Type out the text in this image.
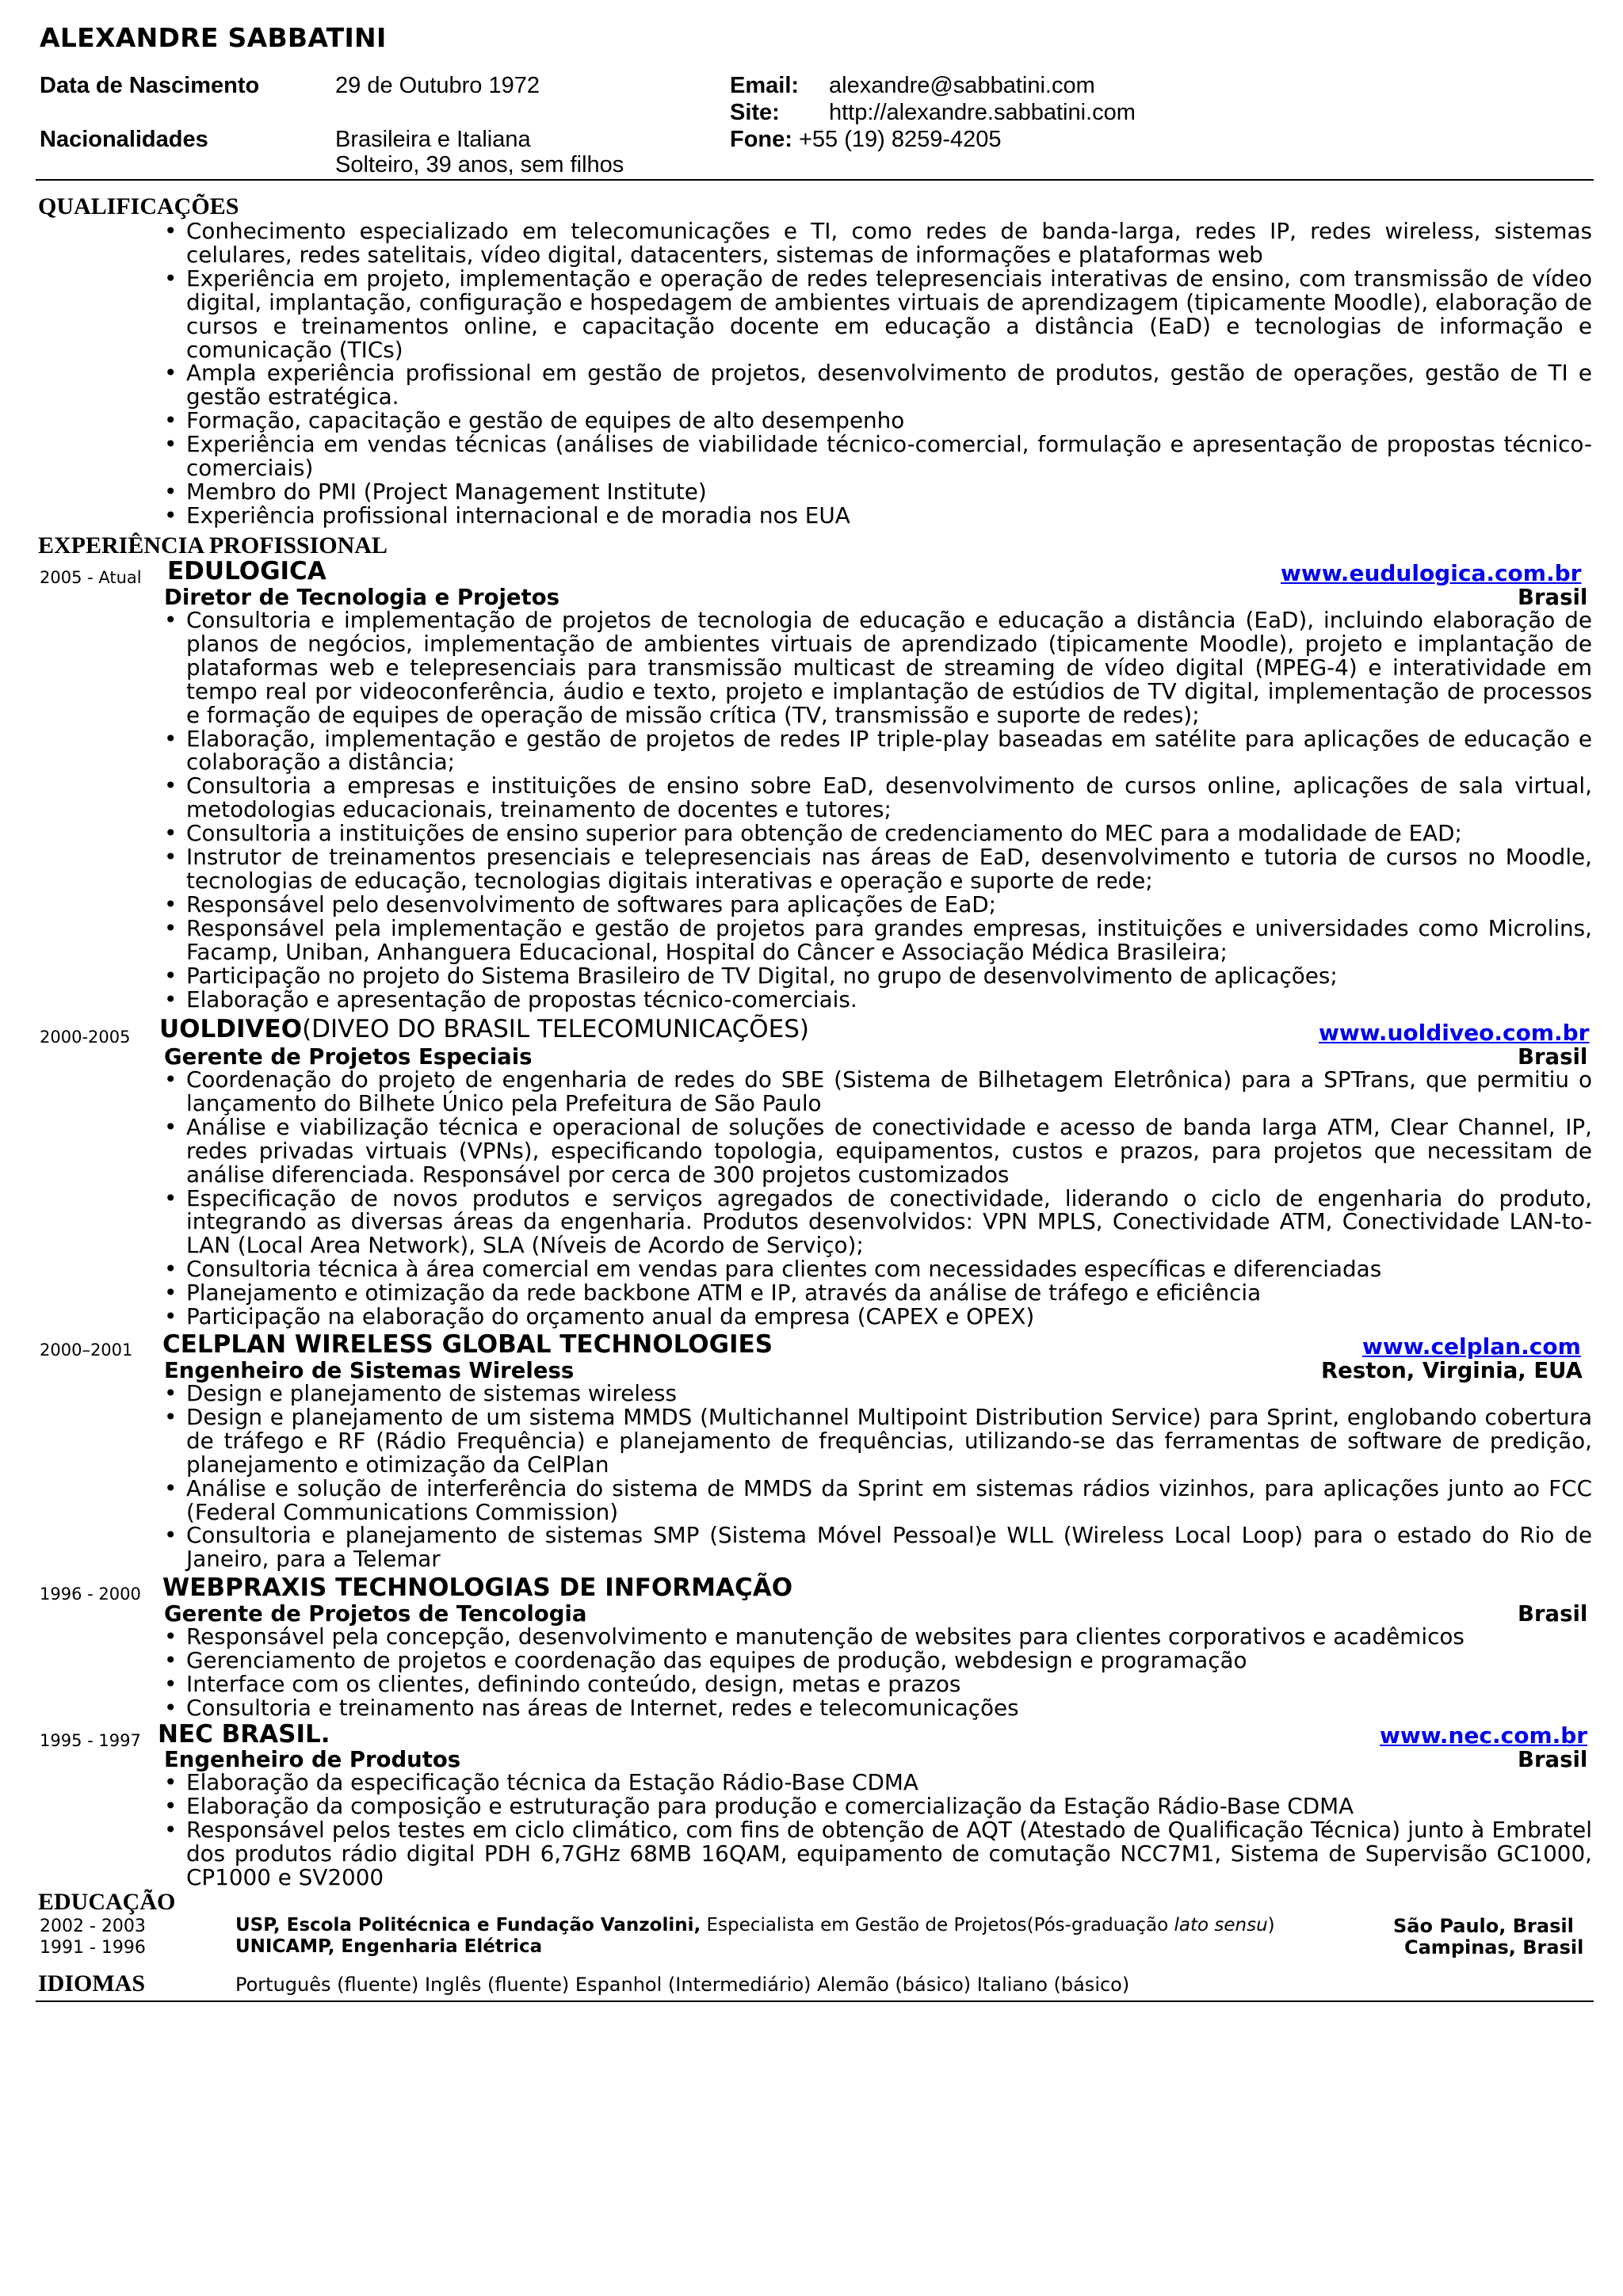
ALEXANDRE SABBATINI
Data de Nascimento	29 de Outubro 1972
Nacionalidades	Brasileira e Italiana
Solteiro, 39 anos, sem filhos
Email: alexandre@sabbatini.com
Site: http://alexandre.sabbatini.com
Fone: +55 (19) 8259-4205
QUALIFICAÇÕES
• Conhecimento especializado em telecomunicações e TI, como redes de banda-larga, redes IP, redes wireless, sistemas celulares, redes satelitais, vídeo digital, datacenters, sistemas de informações e plataformas web
• Experiência em projeto, implementação e operação de redes telepresenciais interativas de ensino, com transmissão de vídeo digital, implantação, configuração e hospedagem de ambientes virtuais de aprendizagem (tipicamente Moodle), elaboração de cursos e treinamentos online, e capacitação docente em educação a distância (EaD) e tecnologias de informação e comunicação (TICs)
• Ampla experiência profissional em gestão de projetos, desenvolvimento de produtos, gestão de operações, gestão de TI e gestão estratégica.
• Formação, capacitação e gestão de equipes de alto desempenho
• Experiência em vendas técnicas (análises de viabilidade técnico-comercial, formulação e apresentação de propostas técnico-comerciais)
• Membro do PMI (Project Management Institute)
• Experiência profissional internacional e de moradia nos EUA
EXPERIÊNCIA PROFISSIONAL
2005 - Atual EDULOGICA	www.eudulogica.com.br
Diretor de Tecnologia e Projetos	Brasil
• Consultoria e implementação de projetos de tecnologia de educação e educação a distância (EaD), incluindo elaboração de planos de negócios, implementação de ambientes virtuais de aprendizado (tipicamente Moodle), projeto e implantação de plataformas web e telepresenciais para transmissão multicast de streaming de vídeo digital (MPEG-4) e interatividade em tempo real por videoconferência, áudio e texto, projeto e implantação de estúdios de TV digital, implementação de processos e formação de equipes de operação de missão crítica (TV, transmissão e suporte de redes);
• Elaboração, implementação e gestão de projetos de redes IP triple-play baseadas em satélite para aplicações de educação e colaboração a distância;
• Consultoria a empresas e instituições de ensino sobre EaD, desenvolvimento de cursos online, aplicações de sala virtual, metodologias educacionais, treinamento de docentes e tutores;
• Consultoria a instituições de ensino superior para obtenção de credenciamento do MEC para a modalidade de EAD;
• Instrutor de treinamentos presenciais e telepresenciais nas áreas de EaD, desenvolvimento e tutoria de cursos no Moodle, tecnologias de educação, tecnologias digitais interativas e operação e suporte de rede;
• Responsável pelo desenvolvimento de softwares para aplicações de EaD;
• Responsável pela implementação e gestão de projetos para grandes empresas, instituições e universidades como Microlins, Facamp, Uniban, Anhanguera Educacional, Hospital do Câncer e Associação Médica Brasileira;
• Participação no projeto do Sistema Brasileiro de TV Digital, no grupo de desenvolvimento de aplicações;
• Elaboração e apresentação de propostas técnico-comerciais.
2000-2005 UOLDIVEO(DIVEO DO BRASIL TELECOMUNICAÇÕES)	www.uoldiveo.com.br
Gerente de Projetos Especiais	Brasil
• Coordenação do projeto de engenharia de redes do SBE (Sistema de Bilhetagem Eletrônica) para a SPTrans, que permitiu o lançamento do Bilhete Único pela Prefeitura de São Paulo
• Análise e viabilização técnica e operacional de soluções de conectividade e acesso de banda larga ATM, Clear Channel, IP, redes privadas virtuais (VPNs), especificando topologia, equipamentos, custos e prazos, para projetos que necessitam de análise diferenciada. Responsável por cerca de 300 projetos customizados
• Especificação de novos produtos e serviços agregados de conectividade, liderando o ciclo de engenharia do produto, integrando as diversas áreas da engenharia. Produtos desenvolvidos: VPN MPLS, Conectividade ATM, Conectividade LAN-to-LAN (Local Area Network), SLA (Níveis de Acordo de Serviço);
• Consultoria técnica à área comercial em vendas para clientes com necessidades específicas e diferenciadas
• Planejamento e otimização da rede backbone ATM e IP, através da análise de tráfego e eficiência
• Participação na elaboração do orçamento anual da empresa (CAPEX e OPEX)
2000–2001 CELPLAN WIRELESS GLOBAL TECHNOLOGIES	www.celplan.com
Engenheiro de Sistemas Wireless	Reston, Virginia, EUA
• Design e planejamento de sistemas wireless
• Design e planejamento de um sistema MMDS (Multichannel Multipoint Distribution Service) para Sprint, englobando cobertura de tráfego e RF (Rádio Frequência) e planejamento de frequências, utilizando-se das ferramentas de software de predição, planejamento e otimização da CelPlan
• Análise e solução de interferência do sistema de MMDS da Sprint em sistemas rádios vizinhos, para aplicações junto ao FCC (Federal Communications Commission)
• Consultoria e planejamento de sistemas SMP (Sistema Móvel Pessoal)e WLL (Wireless Local Loop) para o estado do Rio de Janeiro, para a Telemar
1996 - 2000 WEBPRAXIS TECHNOLOGIAS DE INFORMAÇÃO
Gerente de Projetos de Tencologia	Brasil
• Responsável pela concepção, desenvolvimento e manutenção de websites para clientes corporativos e acadêmicos
• Gerenciamento de projetos e coordenação das equipes de produção, webdesign e programação
• Interface com os clientes, definindo conteúdo, design, metas e prazos
• Consultoria e treinamento nas áreas de Internet, redes e telecomunicações
1995 - 1997 NEC BRASIL.	www.nec.com.br
Engenheiro de Produtos	Brasil
• Elaboração da especificação técnica da Estação Rádio-Base CDMA
• Elaboração da composição e estruturação para produção e comercialização da Estação Rádio-Base CDMA
• Responsável pelos testes em ciclo climático, com fins de obtenção de AQT (Atestado de Qualificação Técnica) junto à Embratel dos produtos rádio digital PDH 6,7GHz 68MB 16QAM, equipamento de comutação NCC7M1, Sistema de Supervisão GC1000, CP1000 e SV2000
EDUCAÇÃO
2002 - 2003	USP, Escola Politécnica e Fundação Vanzolini, Especialista em Gestão de Projetos(Pós-graduação lato sensu)	São Paulo, Brasil
1991 - 1996	UNICAMP, Engenharia Elétrica	Campinas, Brasil
IDIOMAS	Português (fluente) Inglês (fluente) Espanhol (Intermediário) Alemão (básico) Italiano (básico)
